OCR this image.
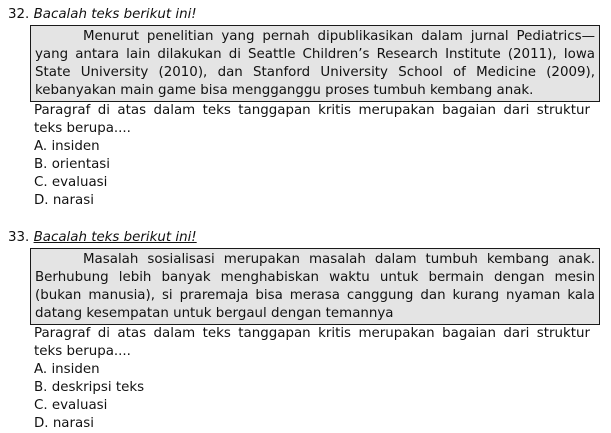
32. Bacalah teks berikut ini!
Menurut penelitian yang pernah dipublikasikan dalam jurnal Pediatrics—yang antara lain dilakukan di Seattle Children’s Research Institute (2011), Iowa State University (2010), dan Stanford University School of Medicine (2009), kebanyakan main game bisa mengganggu proses tumbuh kembang anak.
Paragraf di atas dalam teks tanggapan kritis merupakan bagaian dari struktur teks berupa....
A. insiden
B. orientasi
C. evaluasi
D. narasi
33. Bacalah teks berikut ini!
Masalah sosialisasi merupakan masalah dalam tumbuh kembang anak. Berhubung lebih banyak menghabiskan waktu untuk bermain dengan mesin (bukan manusia), si praremaja bisa merasa canggung dan kurang nyaman kala datang kesempatan untuk bergaul dengan temannya
Paragraf di atas dalam teks tanggapan kritis merupakan bagaian dari struktur teks berupa....
A. insiden
B. deskripsi teks
C. evaluasi
D. narasi
